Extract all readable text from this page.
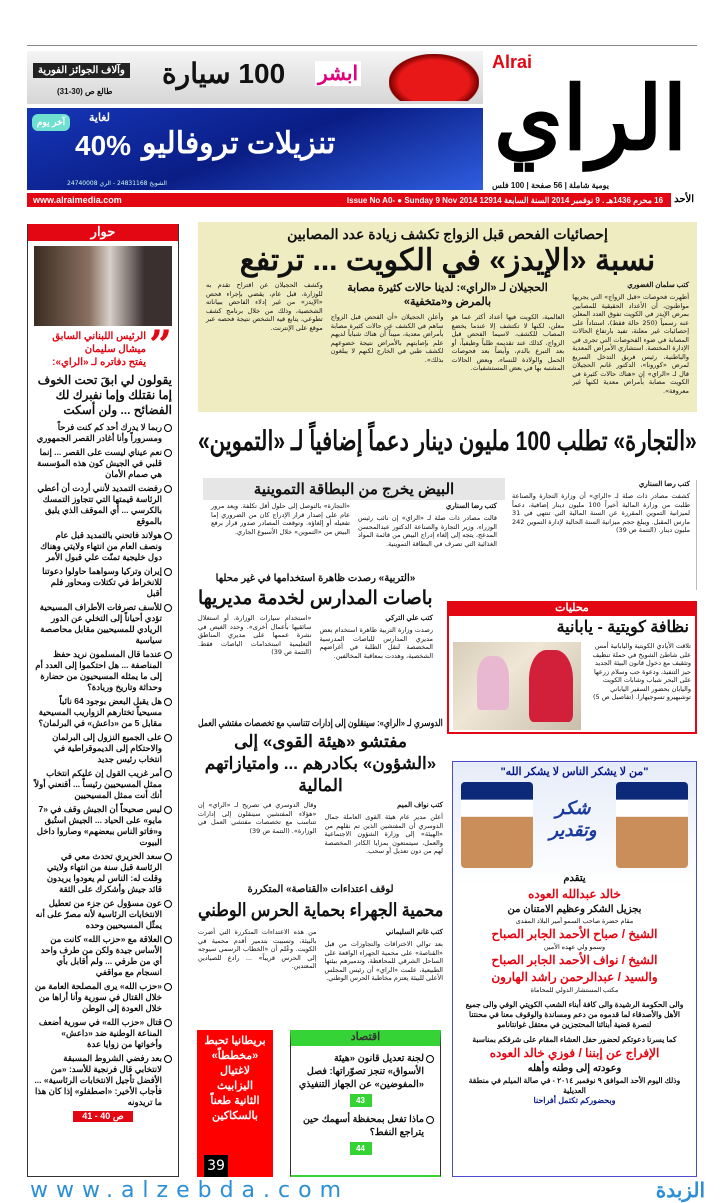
ابشر
100 سيارة
وآلاف الجوائز الفورية
طالع ص (30-31)
لغاية
آخر يوم
تنزيلات تروفاليو
40%
الشويخ 24831168 - الري 24740008
الراي
Alrai
يومية شاملة | 56 صفحة | 100 فلس
الأحد
16 محرم 1436هـ . 9 نوفمبر 2014 السنة السابعة 12914 Issue No A0- ● Sunday 9 Nov 2014
www.alraimedia.com
حوار
” الرئيس اللبناني السابق
ميشال سليمان
يفتح دفاتره لـ «الراي»:
يقولون لي ابقَ تحت الخوف إما نقتلك وإما نفبرك لك الفضائح ... ولن أسكت
ربما لا يدرك أحد كم كنت فرحاً ومسروراً وأنا أغادر القصر الجمهوري
نعم عيناي ليست على القصر ... إنما قلبي في الجيش كون هذه المؤسسة هي صمام الأمان
رفضت التمديد لأنني أردت أن أعطي الرئاسة قيمتها التي تتجاوز التمسك بالكرسي ... أي الموقف الذي يليق بالموقع
هولاند فاتحني بالتمديد قبل عام ونصف العام من انتهاء ولايتي وهناك دول خليجية تمنّت علي قبول الأمر
إيران وتركيا وسواهما حاولوا دعوتنا للانخراط في تكتلات ومحاور فلم أقبل
للأسف تصرفات الأطراف المسيحية تؤدي أحياناً إلى التخلي عن الدور الريادي للمسيحيين مقابل محاصصة سياسية
عندما قال المسلمون نريد حفظ المناصفة ... هل احتكموا إلى العدد أم إلى ما يمثله المسيحيون من حضارة وحداثة وتاريخ وريادة؟
هل يقبل البعض بوجود 64 نائباً مسيحياً تختارهم الزواريب المسيحية مقابل 5 من «داعش» في البرلمان؟
على الجميع النزول إلى البرلمان والاحتكام إلى الديموقراطية في انتخاب رئيس جديد
أمر غريب القول إن عليكم انتخاب ممثل المسيحيين رئيساً ... أقنعني أولاً أنك أنت ممثل المسيحيين
ليس صحيحاً أن الجيش وقف في «7 مايو» على الحياد ... الجيش استُبق و«فاتو الناس ببعضهم» وصاروا داخل البيوت
سعد الحريري تحدث معي في الرئاسة قبل سنة من انتهاء ولايتي وقلت له: الناس لم يعودوا يريدون قائد جيش وأشكرك على الثقة
عون مسؤول عن جزء من تعطيل الانتخابات الرئاسية لأنه مصرّ على أنه يمثّل المسيحيين وحده
العلاقة مع «حزب الله» كانت من الأساس جيدة ولكن من طرف واحد أي من طرفي ... ولم أقابل بأي انسجام مع مواقفي
«حزب الله» يرى المصلحة العامة من خلال القتال في سورية وأنا أراها من خلال العودة إلى الوطن
قتال «حزب الله» في سورية أضعف المناعة الوطنية ضد «داعش» وأخواتها من زوايا عدة
بعد رفضي الشروط المسبقة لانتخابي قال فرنجية للأسد: «من الأفضل تأجيل الانتخابات الرئاسية» ... فأجاب الأخير: «اصطفلو» إذا كان هذا ما تريدونه
ص 40 - 41
إحصائيات الفحص قبل الزواج تكشف زيادة عدد المصابين
نسبة «الإيدز» في الكويت ... ترتفع
كتب سلمان الغضوري
أظهرت فحوصات «قبل الزواج» التي يجريها مواطنون، أن الأعداد الحقيقية للمصابين بمرض الإيدز في الكويت تفوق العدد المعلن عنه رسمياً (250 حالة فقط)، استناداً على إحصائيات غير معلنة، تفيد بارتفاع الحالات المصابة في ضوء الفحوصات التي تجرى في الإدارة المختصة. استشاري الأمراض المعدية والباطنية، رئيس فريق التدخل السريع لمرض «كورونا»، الدكتور غانم الحجيلان قال لـ «الراي» إن «هناك حالات كثيرة في الكويت مصابة بأمراض معدية لكنها غير معروفة».
الحجيلان لـ «الراي»: لدينا حالات كثيرة مصابة بالمرض و«متخفية»
العالمية، الكويت فيها أعداد أكثر عما هو معلن، لكنها لا تكتشف إلا عندما يخضع المصاب للكشف، لاسيما الفحص قبل الزواج، كذلك عند تقديمه طلباً وظيفياً، أو بعد التبرع بالدم، وأيضاً بعد فحوصات الحمل والولادة للنساء، وبعض الحالات المشتبه بها في بعض المستشفيات.
وأعلن الحجيلان «أن الفحص قبل الزواج ساهم في الكشف عن حالات كثيرة مصابة بأمراض معدية، مبيناً أن هناك شباباً لديهم علم بإصابتهم بالأمراض نتيجة خضوعهم لكشف طبي في الخارج لكنهم لا يبلغون بذلك».
وكشف الحجيلان عن اقتراح تقدم به للوزارة، قبل عام، يقضي بإجراء فحص «الإيدز» من غير إدلاء الفاحص ببياناته الشخصية، وذلك من خلال برنامج كشف تطوعي، يتابع فيه الشخص نتيجة فحصه عبر موقع على الإنترنت.
«التجارة» تطلب 100 مليون دينار دعماً إضافياً لـ «التموين»
البيض يخرج من البطاقة التموينية
كتب رضا السناري
قالت مصادر ذات صلة لـ «الراي» إن نائب رئيس الوزراء، وزير التجارة والصناعة الدكتور عبدالمحسن المدعج، يتجه إلى إلغاء إدراج البيض من قائمة المواد الغذائية التي تصرف في البطاقة التموينية.
«التجارة» بالتوصل إلى حلول أقل تكلفة. ويعد مرور عام على إصدار قرار الإدراج كان من الضروري إما تفعيله أو إلغاؤه. وتوقعت المصادر صدور قرار برفع البيض من «التموين» خلال الأسبوع الجاري.
كتب رضا السناري
كشفت مصادر ذات صلة لـ «الراي» أن وزارة التجارة والصناعة طلبت من وزارة المالية أخيراً 100 مليون دينار إضافية، دعماً لميزانية التموين المقررة عن السنة المالية التي تنتهي في 31 مارس المقبل. ويبلغ حجم ميزانية السنة الحالية لإدارة التموين 242 مليون دينار. (التتمة ص 39)
«التربية» رصدت ظاهرة استخدامها في غير محلها
باصات المدارس لخدمة مديريها
كتب علي التركي
رصدت وزارة التربية ظاهرة استخدام بعض مديري المدارس للباصات المدرسية المخصصة لنقل الطلبة في أغراضهم الشخصية، وهددت بمعاقبة المخالفين.
«استخدام سيارات الوزارة، أو استغلال سائقيها بأعمال أخرى». وحدد الغيص في نشرة عممها على مديري المناطق التعليمية استخدامات الباصات فقط. (التتمة ص 39)
محليات
نظافة كويتية - يابانية
تلاقت الأيادي الكويتية واليابانية أمس على شاطئ الشويخ في حملة تنظيف وتثقيف مع دخول قانون البيئة الجديد حيز التنفيذ، ودعوة حب وسلام زرعها على البحر شباب وشابات الكويت واليابان بحضور السفير الياباني توشيهيرو تسوجيهارا. (تفاصيل ص 5)
الدوسري لـ «الراي»: سينقلون إلى إدارات تتناسب مع تخصصات مفتشي العمل
مفتشو «هيئة القوى» إلى «الشؤون» بكادرهم ... وامتيازاتهم المالية
كتب نواف الميم
أعلن مدير عام هيئة القوى العاملة جمال الدوسري أن المفتشين الذين تم نقلهم من «الهيئة» إلى وزارة الشؤون الاجتماعية والعمل، سيتمتعون بمزايا الكادر المخصصة لهم من دون تعديل أو سحب.
وقال الدوسري في تصريح لـ «الراي» إن «هؤلاء المفتشين سينقلون إلى إدارات تتناسب مع تخصصات مفتشي العمل في الوزارة». (التتمة ص 39)
لوقف اعتداءات «القناصة» المتكررة
محمية الجهراء بحماية الحرس الوطني
كتب غانم السليماني
بعد توالي الاختراقات والتجاوزات من قبل «القناصة» على محمية الجهراء الواقعة على الساحل الشرقي للمحافظة، وتدميرهم بيئتها الطبيعية، علمت «الراي» أن رئيس المجلس الأعلى للبيئة يعتزم مخاطبة الحرس الوطني.
من هذه الاعتداءات المتكررة التي أضرت بالبيئة، وتسببت بتدمير أقدم محمية في الكويت. وعُلم أن «الخطاب الرسمي سيوجه إلى الحرس قريباً» ... رادع للصيادين المعتدين.
"من لا يشكر الناس لا يشكر الله"
شكر وتقدير
يتقدم
خالد عبدالله العوده
بجزيل الشكر وعظيم الامتنان من
مقام حضرة صاحب السمو أمير البلاد المفدى
الشيخ / صباح الأحمد الجابر الصباح
وسمو ولي عهده الأمين
الشيخ / نواف الأحمد الجابر الصباح
والسيد / عبدالرحمن راشد الهارون
مكتب المستشار الدولي للمحاماة
والى الحكومة الرشيدة والى كافة أبناء الشعب الكويتي الوفي والى جميع الأهل والأصدقاء لما قدموه من دعم ومساندة والوقوف معنا في محنتنا لنصرة قضية أبنائنا المحتجزين في معتقل غوانتانامو
كما يسرنا دعوتكم لحضور حفل العشاء المقام على شرفكم بمناسبة
الإفراج عن إبننا / فوزي خالد العوده
وعودته إلى وطنه وأهله
وذلك اليوم الأحد الموافق ٩ نوفمبر ٢٠١٤ - في صالة الميلم في منطقة العديلية
وبحضوركم تكتمل أفراحنا
بريطانيا تحبط
«مخططاً»
لاغتيال
اليزابيث
الثانية طعناً
بالسكاكين
39
اقتصاد
لجنة تعديل قانون «هيئة الأسواق» تنجز تصوّراتها: فصل «المفوضين» عن الجهاز التنفيذي
43
ماذا تفعل بمحفظة أسهمك حين يتراجع النفط؟
44
www.alzebda.com	الزبدة
